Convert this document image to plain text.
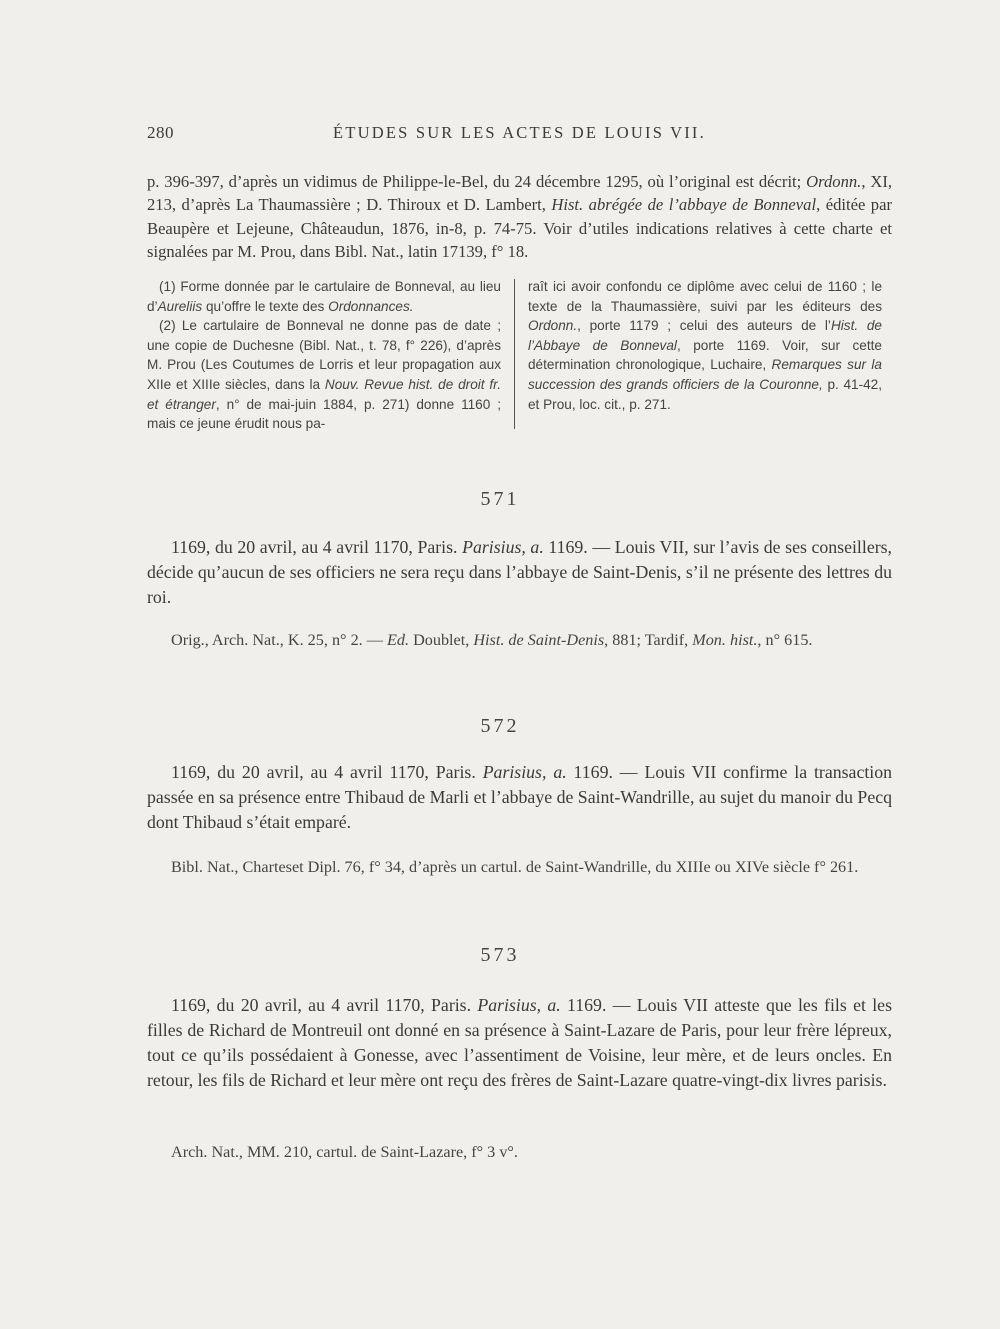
280	ÉTUDES SUR LES ACTES DE LOUIS VII.

p. 396-397, d’après un vidimus de Philippe-le-Bel, du 24 décembre 1295, où l’original est décrit; Ordonn., XI, 213, d’après La Thaumassière ; D. Thiroux et D. Lambert, Hist. abrégée de l’abbaye de Bonneval, éditée par Beaupère et Lejeune, Châteaudun, 1876, in-8, p. 74-75. Voir d’utiles indications relatives à cette charte et signalées par M. Prou, dans Bibl. Nat., latin 17139, f° 18.

(1) Forme donnée par le cartulaire de Bonneval, au lieu d’Aureliis qu’offre le texte des Ordonnances.

(2) Le cartulaire de Bonneval ne donne pas de date ; une copie de Duchesne (Bibl. Nat., t. 78, f° 226), d’après M. Prou (Les Coutumes de Lorris et leur propagation aux XIIe et XIIIe siècles, dans la Nouv. Revue hist. de droit fr. et étranger, n° de mai-juin 1884, p. 271) donne 1160 ; mais ce jeune érudit nous pa-

raît ici avoir confondu ce diplôme avec celui de 1160 ; le texte de la Thaumassière, suivi par les éditeurs des Ordonn., porte 1179 ; celui des auteurs de l’Hist. de l’Abbaye de Bonneval, porte 1169. Voir, sur cette détermination chronologique, Luchaire, Remarques sur la succession des grands officiers de la Couronne, p. 41-42, et Prou, loc. cit., p. 271.

571

1169, du 20 avril, au 4 avril 1170, Paris. Parisius, a. 1169. — Louis VII, sur l’avis de ses conseillers, décide qu’aucun de ses officiers ne sera reçu dans l’abbaye de Saint-Denis, s’il ne présente des lettres du roi.

Orig., Arch. Nat., K. 25, n° 2. — Ed. Doublet, Hist. de Saint-Denis, 881; Tardif, Mon. hist., n° 615.

572

1169, du 20 avril, au 4 avril 1170, Paris. Parisius, a. 1169. — Louis VII confirme la transaction passée en sa présence entre Thibaud de Marli et l’abbaye de Saint-Wandrille, au sujet du manoir du Pecq dont Thibaud s’était emparé.

Bibl. Nat., Charteset Dipl. 76, f° 34, d’après un cartul. de Saint-Wandrille, du XIIIe ou XIVe siècle f° 261.

573

1169, du 20 avril, au 4 avril 1170, Paris. Parisius, a. 1169. — Louis VII atteste que les fils et les filles de Richard de Montreuil ont donné en sa présence à Saint-Lazare de Paris, pour leur frère lépreux, tout ce qu’ils possédaient à Gonesse, avec l’assentiment de Voisine, leur mère, et de leurs oncles. En retour, les fils de Richard et leur mère ont reçu des frères de Saint-Lazare quatre-vingt-dix livres parisis.

Arch. Nat., MM. 210, cartul. de Saint-Lazare, f° 3 v°.
